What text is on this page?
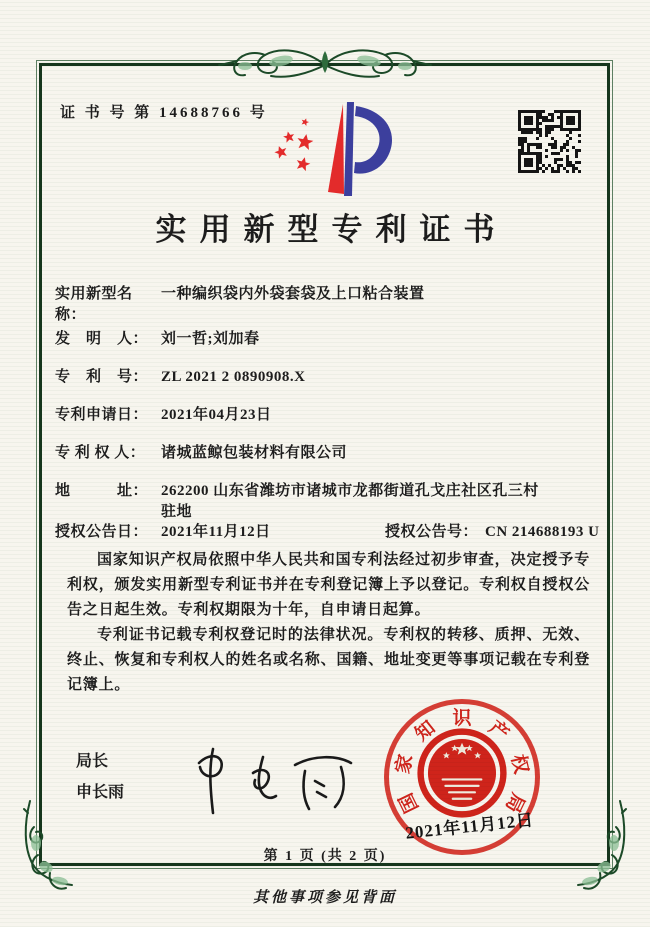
证 书 号 第 14688766 号
实用新型专利证书
实用新型名称：一种编织袋内外袋套袋及上口粘合装置
发　明　人： 刘一哲;刘加春
专　利　号： ZL 2021 2 0890908.X
专利申请日： 2021年04月23日
专 利 权 人： 诸城蓝鲸包装材料有限公司
地　　　址： 262200 山东省潍坊市诸城市龙都街道孔戈庄社区孔三村
驻地
授权公告日： 2021年11月12日	授权公告号： CN 214688193 U

国家知识产权局依照中华人民共和国专利法经过初步审查，决定授予专利权，颁发实用新型专利证书并在专利登记簿上予以登记。专利权自授权公告之日起生效。专利权期限为十年，自申请日起算。

专利证书记载专利权登记时的法律状况。专利权的转移、质押、无效、终止、恢复和专利权人的姓名或名称、国籍、地址变更等事项记载在专利登记簿上。

局长
申长雨	国
家
知 识 产
权
局
2021年11月12日
第 1 页 (共 2 页)
其他事项参见背面
